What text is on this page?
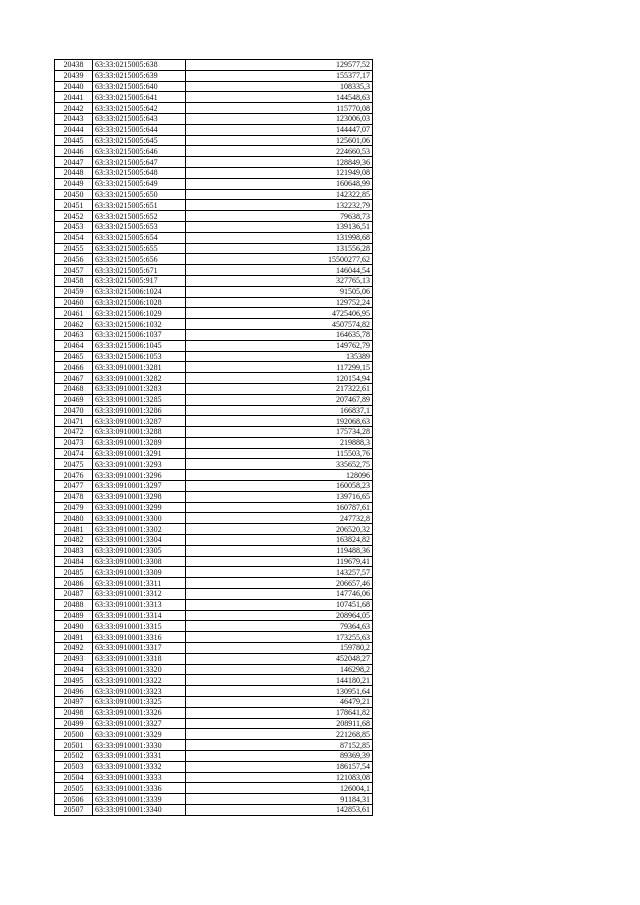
20438	63:33:0215005:638	129577,52
20439	63:33:0215005:639	155377,17
20440	63:33:0215005:640	108335,3
20441	63:33:0215005:641	144548,63
20442	63:33:0215005:642	115770,08
20443	63:33:0215005:643	123006,03
20444	63:33:0215005:644	144447,07
20445	63:33:0215005:645	125601,06
20446	63:33:0215005:646	224660,53
20447	63:33:0215005:647	128849,36
20448	63:33:0215005:648	121949,08
20449	63:33:0215005:649	160648,99
20450	63:33:0215005:650	142322,85
20451	63:33:0215005:651	132232,79
20452	63:33:0215005:652	79638,73
20453	63:33:0215005:653	139136,51
20454	63:33:0215005:654	131998,68
20455	63:33:0215005:655	131556,28
20456	63:33:0215005:656	15500277,62
20457	63:33:0215005:671	146044,54
20458	63:33:0215005:917	327765,13
20459	63:33:0215006:1024	91505,06
20460	63:33:0215006:1028	129752,24
20461	63:33:0215006:1029	4725406,95
20462	63:33:0215006:1032	4507574,82
20463	63:33:0215006:1037	164635,78
20464	63:33:0215006:1045	149762,79
20465	63:33:0215006:1053	135389
20466	63:33:0910001:3281	117299,15
20467	63:33:0910001:3282	120154,94
20468	63:33:0910001:3283	217322,61
20469	63:33:0910001:3285	207467,89
20470	63:33:0910001:3286	166837,1
20471	63:33:0910001:3287	192068,63
20472	63:33:0910001:3288	175734,28
20473	63:33:0910001:3289	219888,3
20474	63:33:0910001:3291	115503,76
20475	63:33:0910001:3293	335652,75
20476	63:33:0910001:3296	128096
20477	63:33:0910001:3297	160058,23
20478	63:33:0910001:3298	139716,65
20479	63:33:0910001:3299	160787,61
20480	63:33:0910001:3300	247732,8
20481	63:33:0910001:3302	206520,32
20482	63:33:0910001:3304	163824,82
20483	63:33:0910001:3305	119488,36
20484	63:33:0910001:3308	119679,41
20485	63:33:0910001:3309	143257,57
20486	63:33:0910001:3311	206657,46
20487	63:33:0910001:3312	147746,06
20488	63:33:0910001:3313	107451,68
20489	63:33:0910001:3314	208964,05
20490	63:33:0910001:3315	79364,63
20491	63:33:0910001:3316	173255,63
20492	63:33:0910001:3317	159780,2
20493	63:33:0910001:3318	452048,27
20494	63:33:0910001:3320	146298,2
20495	63:33:0910001:3322	144180,21
20496	63:33:0910001:3323	130951,64
20497	63:33:0910001:3325	46479,21
20498	63:33:0910001:3326	178641,82
20499	63:33:0910001:3327	208911,68
20500	63:33:0910001:3329	221268,85
20501	63:33:0910001:3330	87152,85
20502	63:33:0910001:3331	89369,39
20503	63:33:0910001:3332	186157,54
20504	63:33:0910001:3333	121083,08
20505	63:33:0910001:3336	126004,1
20506	63:33:0910001:3339	91184,31
20507	63:33:0910001:3340	142853,61
